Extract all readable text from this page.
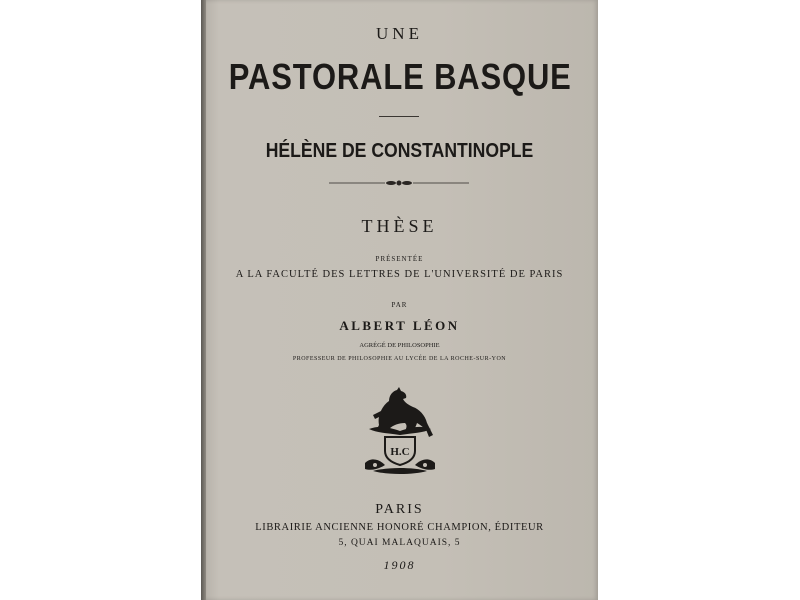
UNE
PASTORALE BASQUE
HÉLÈNE DE CONSTANTINOPLE
THÈSE
PRÉSENTÉE
A LA FACULTÉ DES LETTRES DE L'UNIVERSITÉ DE PARIS
PAR
ALBERT LÉON
AGRÉGÉ DE PHILOSOPHIE
PROFESSEUR DE PHILOSOPHIE AU LYCÉE DE LA ROCHE-SUR-YON
H.C
PARIS
LIBRAIRIE ANCIENNE HONORÉ CHAMPION, ÉDITEUR
5, QUAI MALAQUAIS, 5
1908
